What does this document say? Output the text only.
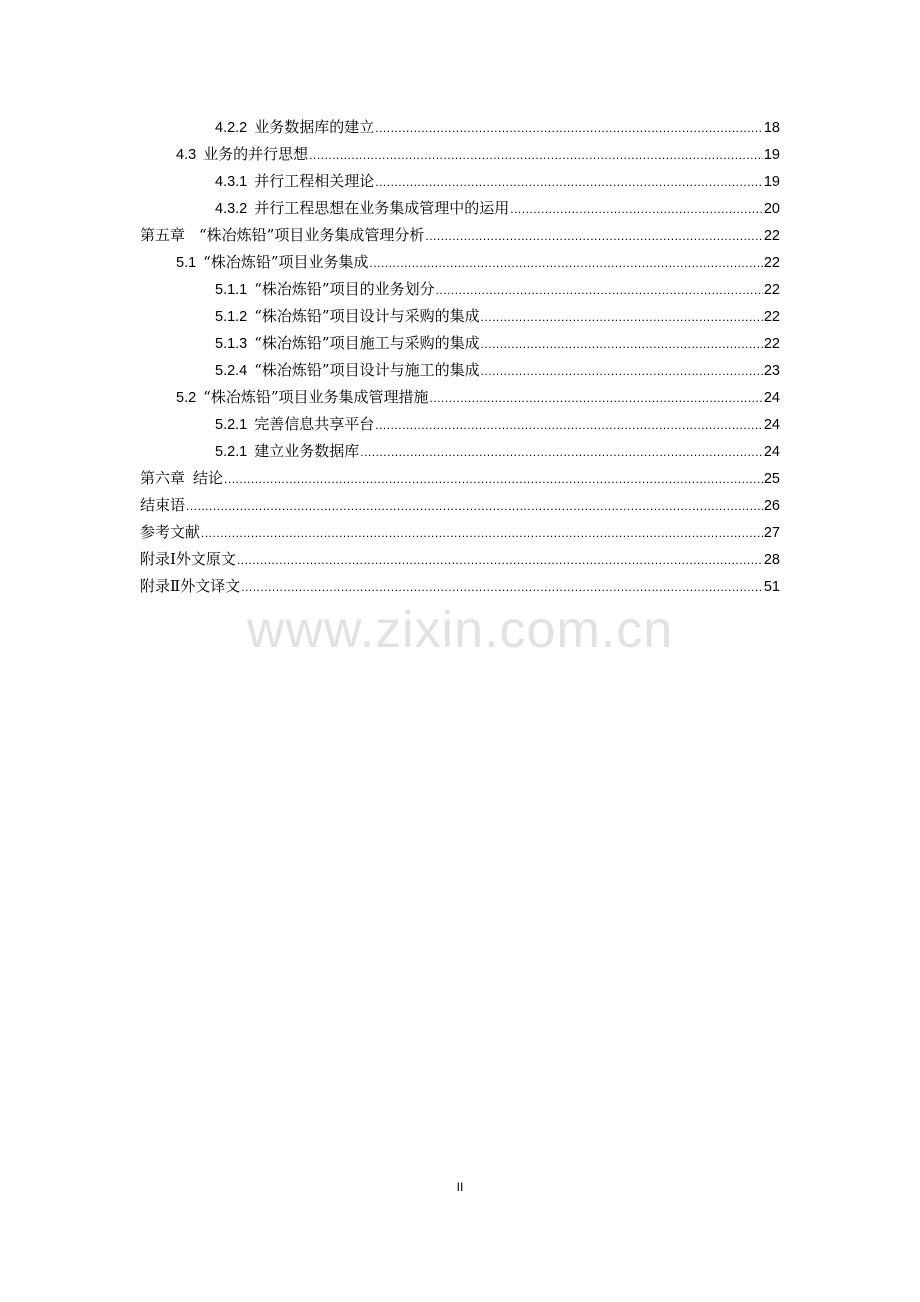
4.2.2 业务数据库的建立 .....	18
4.3 业务的并行思想 .....	19
4.3.1 并行工程相关理论 .....	19
4.3.2 并行工程思想在业务集成管理中的运用 .....	20
第五章 “株冶炼铅”项目业务集成管理分析 .....	22
5.1 “株冶炼铅”项目业务集成 .....	22
5.1.1 “株冶炼铅”项目的业务划分 .....	22
5.1.2 “株冶炼铅”项目设计与采购的集成 .....	22
5.1.3 “株冶炼铅”项目施工与采购的集成 .....	22
5.2.4 “株冶炼铅”项目设计与施工的集成 .....	23
5.2 “株冶炼铅”项目业务集成管理措施 .....	24
5.2.1 完善信息共享平台 .....	24
5.2.1 建立业务数据库 .....	24
第六章 结论 .....	25
结束语 .....	26
参考文献 .....	27
附录Ⅰ外文原文 .....	28
附录Ⅱ外文译文 .....	51
www.zixin.com.cn
II
